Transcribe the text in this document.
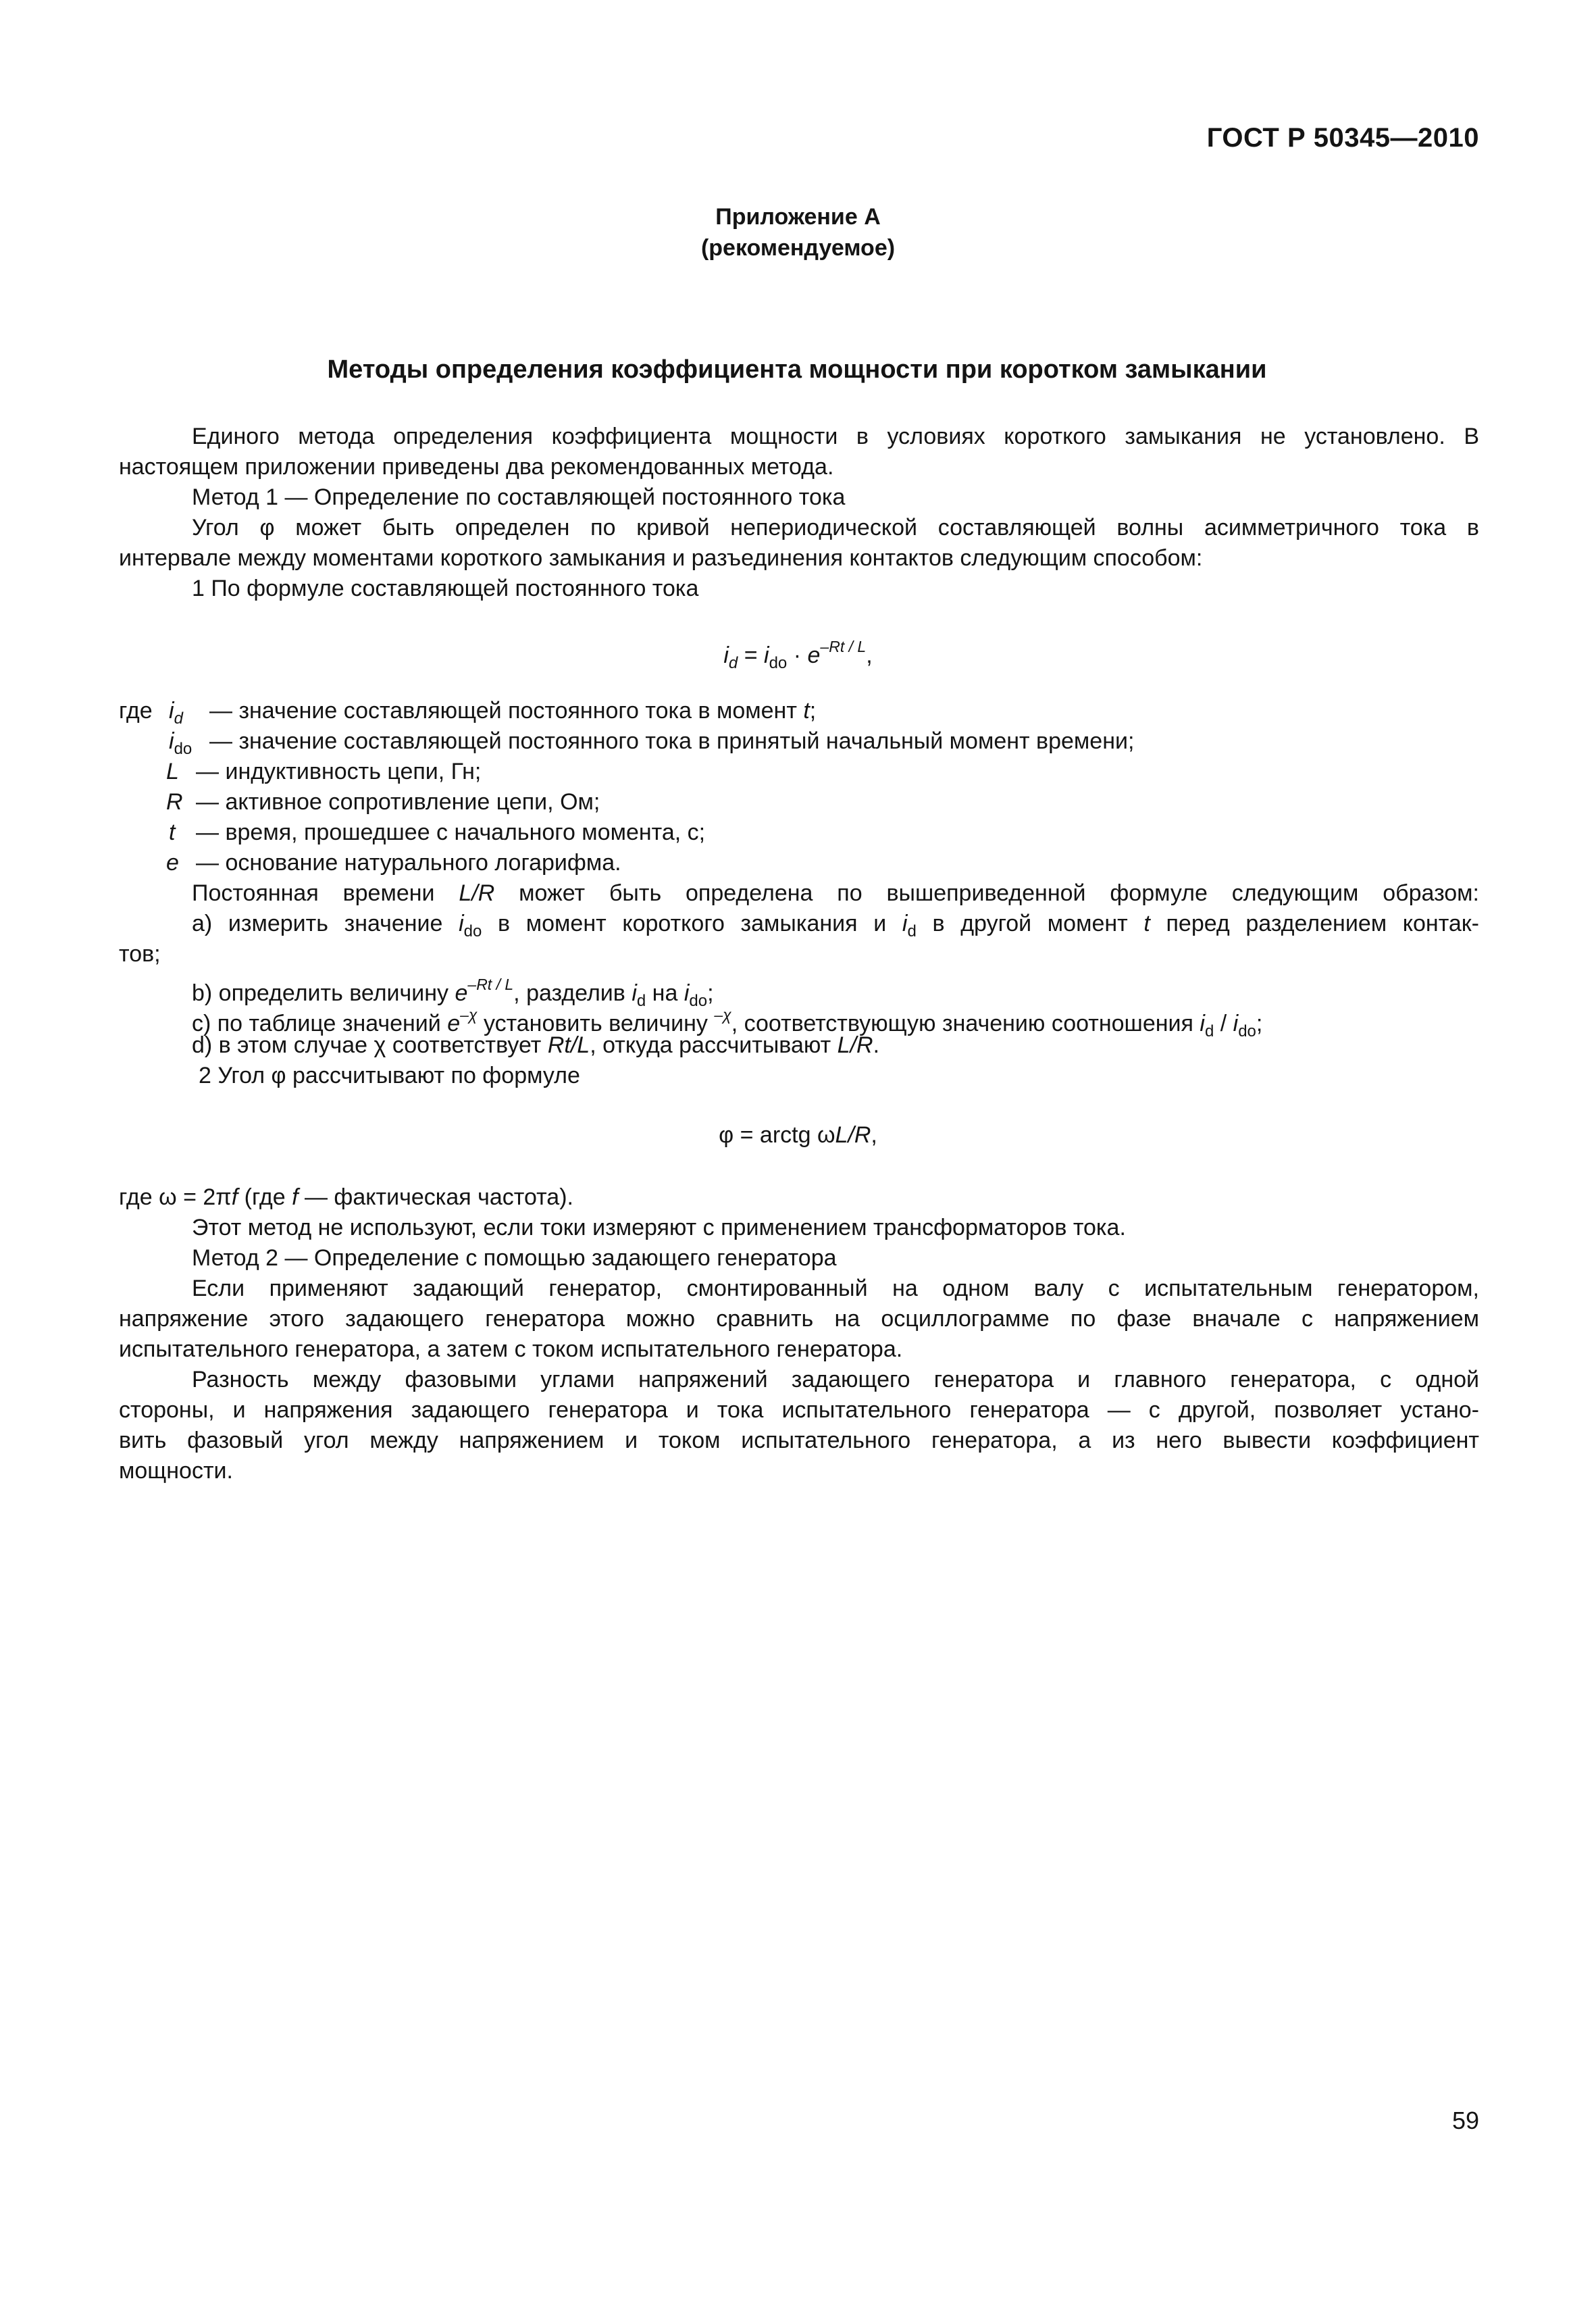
ГОСТ Р 50345—2010
Приложение А
(рекомендуемое)
Методы определения коэффициента мощности при коротком замыкании
Единого метода определения коэффициента мощности в условиях короткого замыкания не установлено. В
настоящем приложении приведены два рекомендованных метода.
Метод 1 — Определение по составляющей постоянного тока
Угол φ может быть определен по кривой непериодической составляющей волны асимметричного тока в
интервале между моментами короткого замыкания и разъединения контактов следующим способом:
1 По формуле составляющей постоянного тока
$i_d = i_{do} \cdot e^{-Rt / L}$,
где $i_d$ — значение составляющей постоянного тока в момент t;
$i_{do}$ — значение составляющей постоянного тока в принятый начальный момент времени;
L — индуктивность цепи, Гн;
R — активное сопротивление цепи, Ом;
t — время, прошедшее с начального момента, с;
e — основание натурального логарифма.
Постоянная времени L/R может быть определена по вышеприведенной формуле следующим образом:
а) измерить значение $i_{do}$ в момент короткого замыкания и $i_d$ в другой момент t перед разделением контак-
тов;
b) определить величину $e^{-Rt / L}$, разделив $i_d$ на $i_{do}$;
c) по таблице значений $e^{-\chi}$ установить величину $^{-\chi}$, соответствующую значению соотношения $i_d / i_{do}$;
d) в этом случае χ соответствует Rt/L, откуда рассчитывают L/R.
2 Угол φ рассчитывают по формуле
φ = arctg ωL/R,
где ω = 2πf (где f — фактическая частота).
Этот метод не используют, если токи измеряют с применением трансформаторов тока.
Метод 2 — Определение с помощью задающего генератора
Если применяют задающий генератор, смонтированный на одном валу с испытательным генератором,
напряжение этого задающего генератора можно сравнить на осциллограмме по фазе вначале с напряжением
испытательного генератора, а затем с током испытательного генератора.
Разность между фазовыми углами напряжений задающего генератора и главного генератора, с одной
стороны, и напряжения задающего генератора и тока испытательного генератора — с другой, позволяет устано-
вить фазовый угол между напряжением и током испытательного генератора, а из него вывести коэффициент
мощности.
59
